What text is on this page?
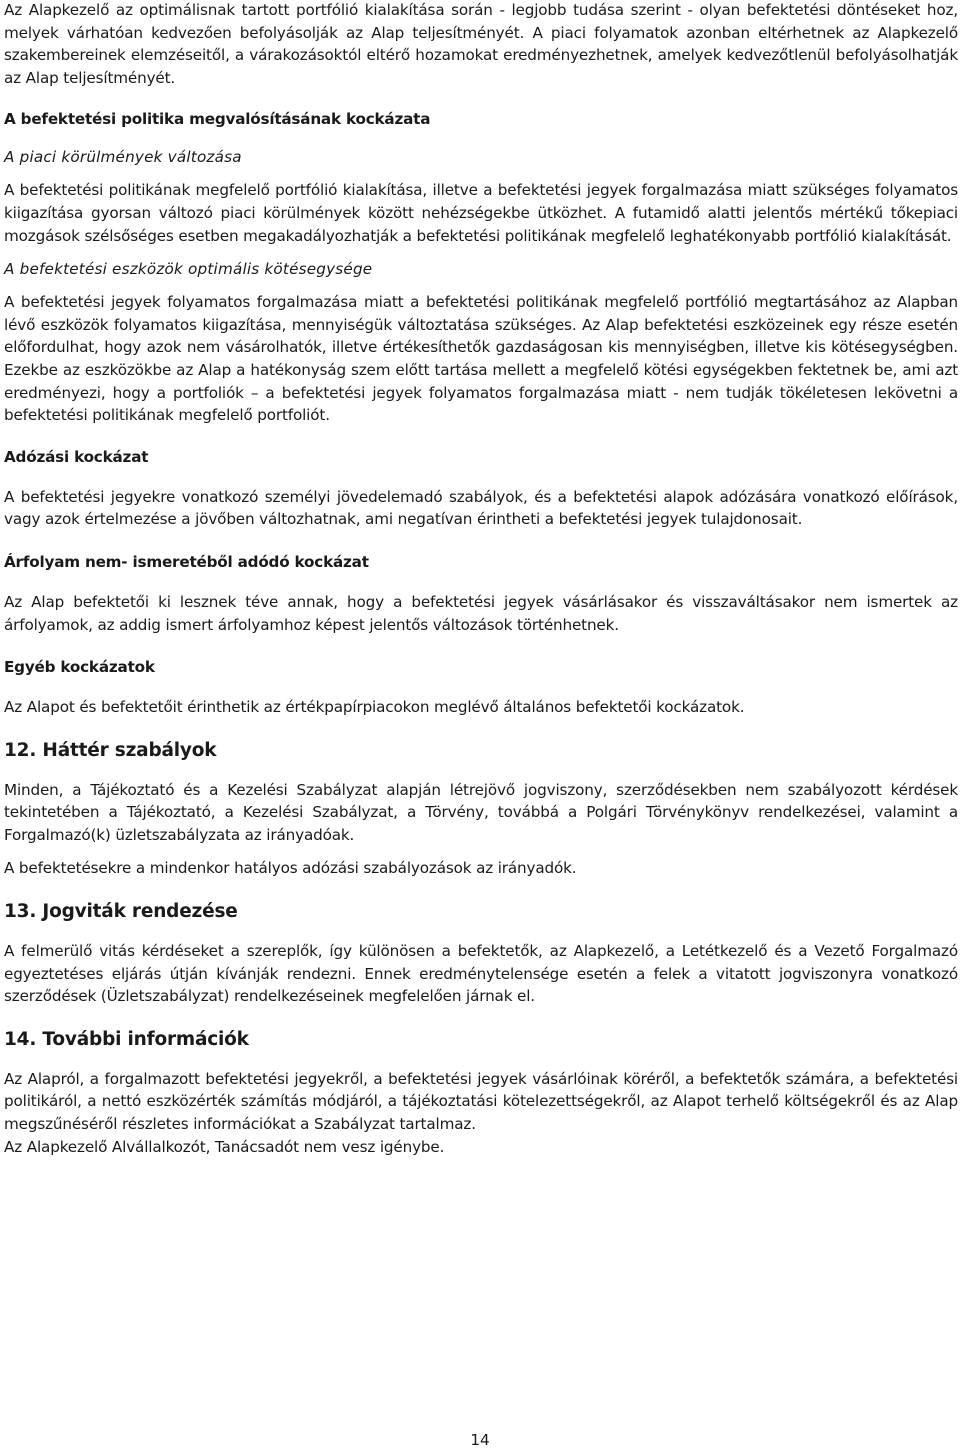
Az Alapkezelő az optimálisnak tartott portfólió kialakítása során - legjobb tudása szerint - olyan befektetési döntéseket hoz, melyek várhatóan kedvezően befolyásolják az Alap teljesítményét. A piaci folyamatok azonban eltérhetnek az Alapkezelő szakembereinek elemzéseitől, a várakozásoktól eltérő hozamokat eredményezhetnek, amelyek kedvezőtlenül befolyásolhatják az Alap teljesítményét.

A befektetési politika megvalósításának kockázata
A piaci körülmények változása

A befektetési politikának megfelelő portfólió kialakítása, illetve a befektetési jegyek forgalmazása miatt szükséges folyamatos kiigazítása gyorsan változó piaci körülmények között nehézségekbe ütközhet. A futamidő alatti jelentős mértékű tőkepiaci mozgások szélsőséges esetben megakadályozhatják a befektetési politikának megfelelő leghatékonyabb portfólió kialakítását.

A befektetési eszközök optimális kötésegysége

A befektetési jegyek folyamatos forgalmazása miatt a befektetési politikának megfelelő portfólió megtartásához az Alapban lévő eszközök folyamatos kiigazítása, mennyiségük változtatása szükséges. Az Alap befektetési eszközeinek egy része esetén előfordulhat, hogy azok nem vásárolhatók, illetve értékesíthetők gazdaságosan kis mennyiségben, illetve kis kötésegységben. Ezekbe az eszközökbe az Alap a hatékonyság szem előtt tartása mellett a megfelelő kötési egységekben fektetnek be, ami azt eredményezi, hogy a portfoliók – a befektetési jegyek folyamatos forgalmazása miatt - nem tudják tökéletesen lekövetni a befektetési politikának megfelelő portfoliót.

Adózási kockázat

A befektetési jegyekre vonatkozó személyi jövedelemadó szabályok, és a befektetési alapok adózására vonatkozó előírások, vagy azok értelmezése a jövőben változhatnak, ami negatívan érintheti a befektetési jegyek tulajdonosait.

Árfolyam nem- ismeretéből adódó kockázat

Az Alap befektetői ki lesznek téve annak, hogy a befektetési jegyek vásárlásakor és visszaváltásakor nem ismertek az árfolyamok, az addig ismert árfolyamhoz képest jelentős változások történhetnek.

Egyéb kockázatok

Az Alapot és befektetőit érinthetik az értékpapírpiacokon meglévő általános befektetői kockázatok.

12. Háttér szabályok

Minden, a Tájékoztató és a Kezelési Szabályzat alapján létrejövő jogviszony, szerződésekben nem szabályozott kérdések tekintetében a Tájékoztató, a Kezelési Szabályzat, a Törvény, továbbá a Polgári Törvénykönyv rendelkezései, valamint a Forgalmazó(k) üzletszabályzata az irányadóak.

A befektetésekre a mindenkor hatályos adózási szabályozások az irányadók.

13. Jogviták rendezése

A felmerülő vitás kérdéseket a szereplők, így különösen a befektetők, az Alapkezelő, a Letétkezelő és a Vezető Forgalmazó egyeztetéses eljárás útján kívánják rendezni. Ennek eredménytelensége esetén a felek a vitatott jogviszonyra vonatkozó szerződések (Üzletszabályzat) rendelkezéseinek megfelelően járnak el.

14. További információk

Az Alapról, a forgalmazott befektetési jegyekről, a befektetési jegyek vásárlóinak köréről, a befektetők számára, a befektetési politikáról, a nettó eszközérték számítás módjáról, a tájékoztatási kötelezettségekről, az Alapot terhelő költségekről és az Alap megszűnéséről részletes információkat a Szabályzat tartalmaz.

Az Alapkezelő Alvállalkozót, Tanácsadót nem vesz igénybe.

14
